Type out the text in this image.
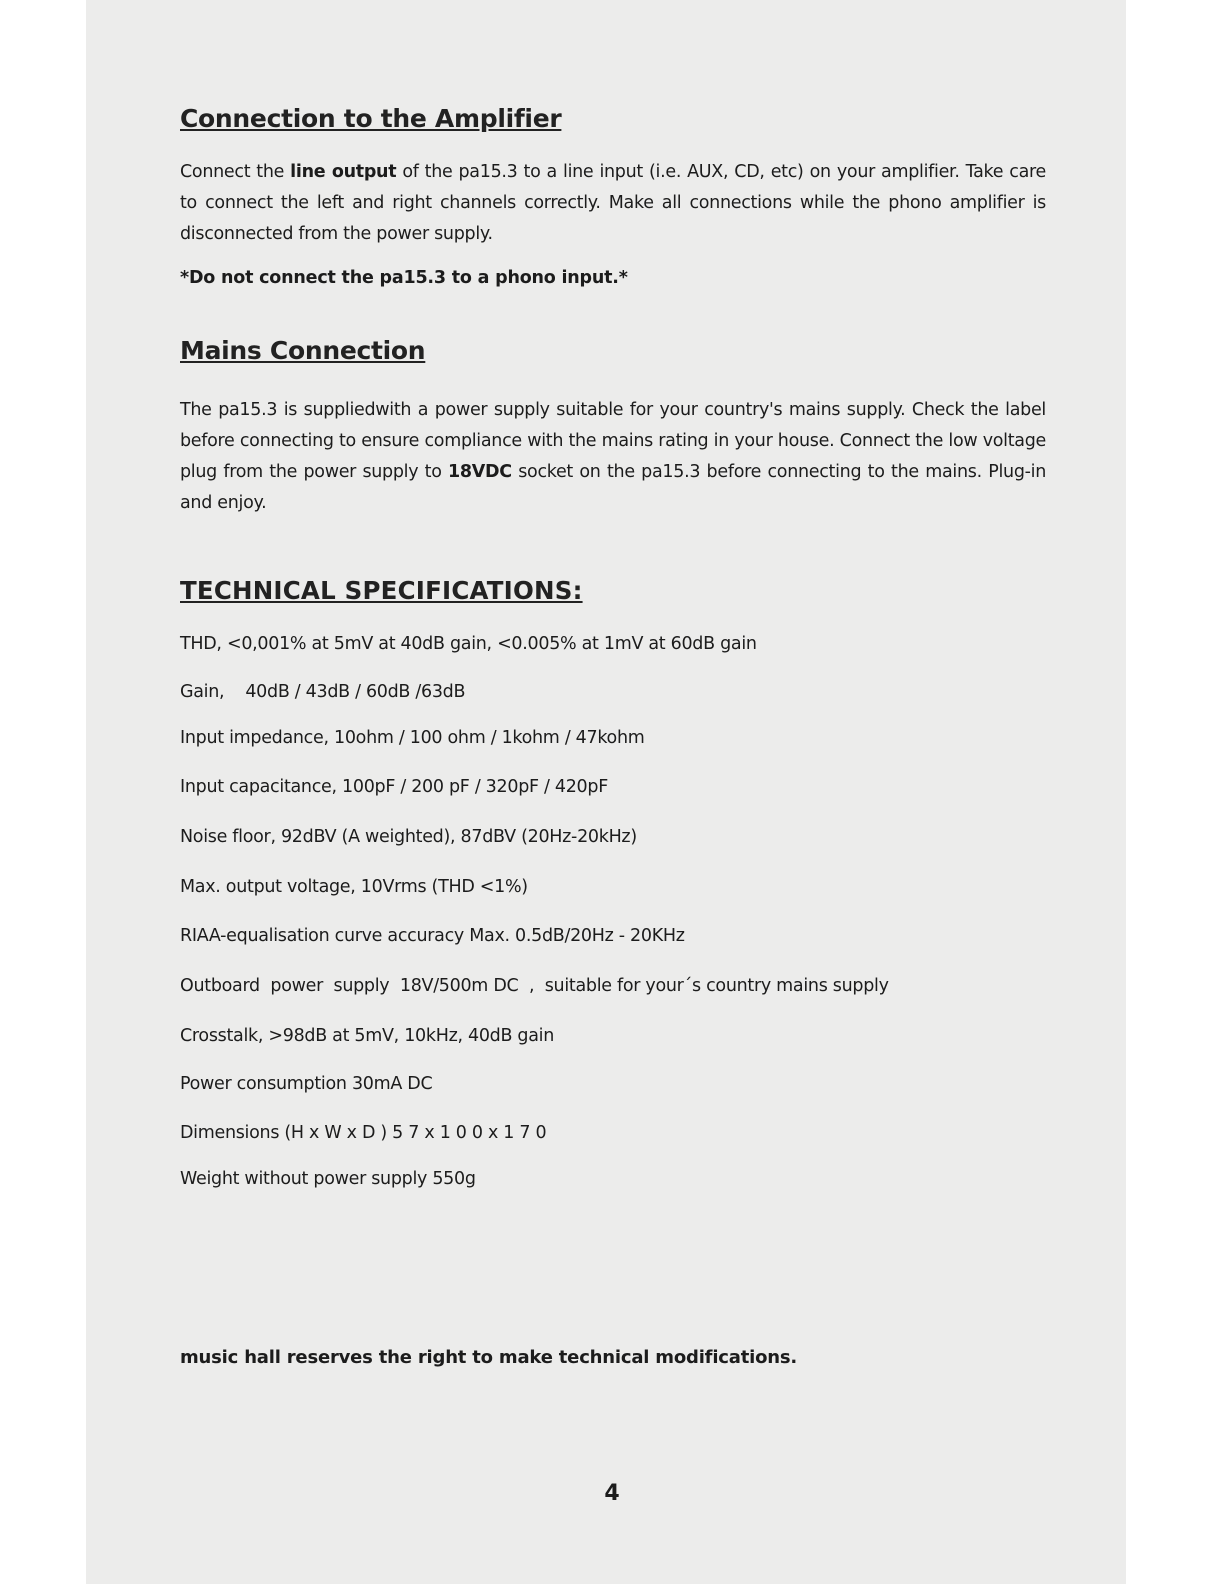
Connection to the Amplifier

Connect the line output of the pa15.3 to a line input (i.e. AUX, CD, etc) on your amplifier. Take care to connect the left and right channels correctly. Make all connections while the phono amplifier is disconnected from the power supply.

*Do not connect the pa15.3 to a phono input.*
Mains Connection

The pa15.3 is suppliedwith a power supply suitable for your country's mains supply. Check the label before connecting to ensure compliance with the mains rating in your house. Connect the low voltage plug from the power supply to 18VDC socket on the pa15.3 before connecting to the mains. Plug-in and enjoy.

TECHNICAL SPECIFICATIONS:
THD, <0,001% at 5mV at 40dB gain, <0.005% at 1mV at 60dB gain
Gain,    40dB / 43dB / 60dB /63dB
Input impedance, 10ohm / 100 ohm / 1kohm / 47kohm
Input capacitance, 100pF / 200 pF / 320pF / 420pF
Noise floor, 92dBV (A weighted), 87dBV (20Hz-20kHz)
Max. output voltage, 10Vrms (THD <1%)
RIAA-equalisation curve accuracy Max. 0.5dB/20Hz - 20KHz
Outboard  power  supply  18V/500m DC  ,  suitable for your´s country mains supply
Crosstalk, >98dB at 5mV, 10kHz, 40dB gain
Power consumption 30mA DC
Dimensions (H x W x D ) 5 7 x 1 0 0 x 1 7 0
Weight without power supply 550g
music hall reserves the right to make technical modifications.
4
